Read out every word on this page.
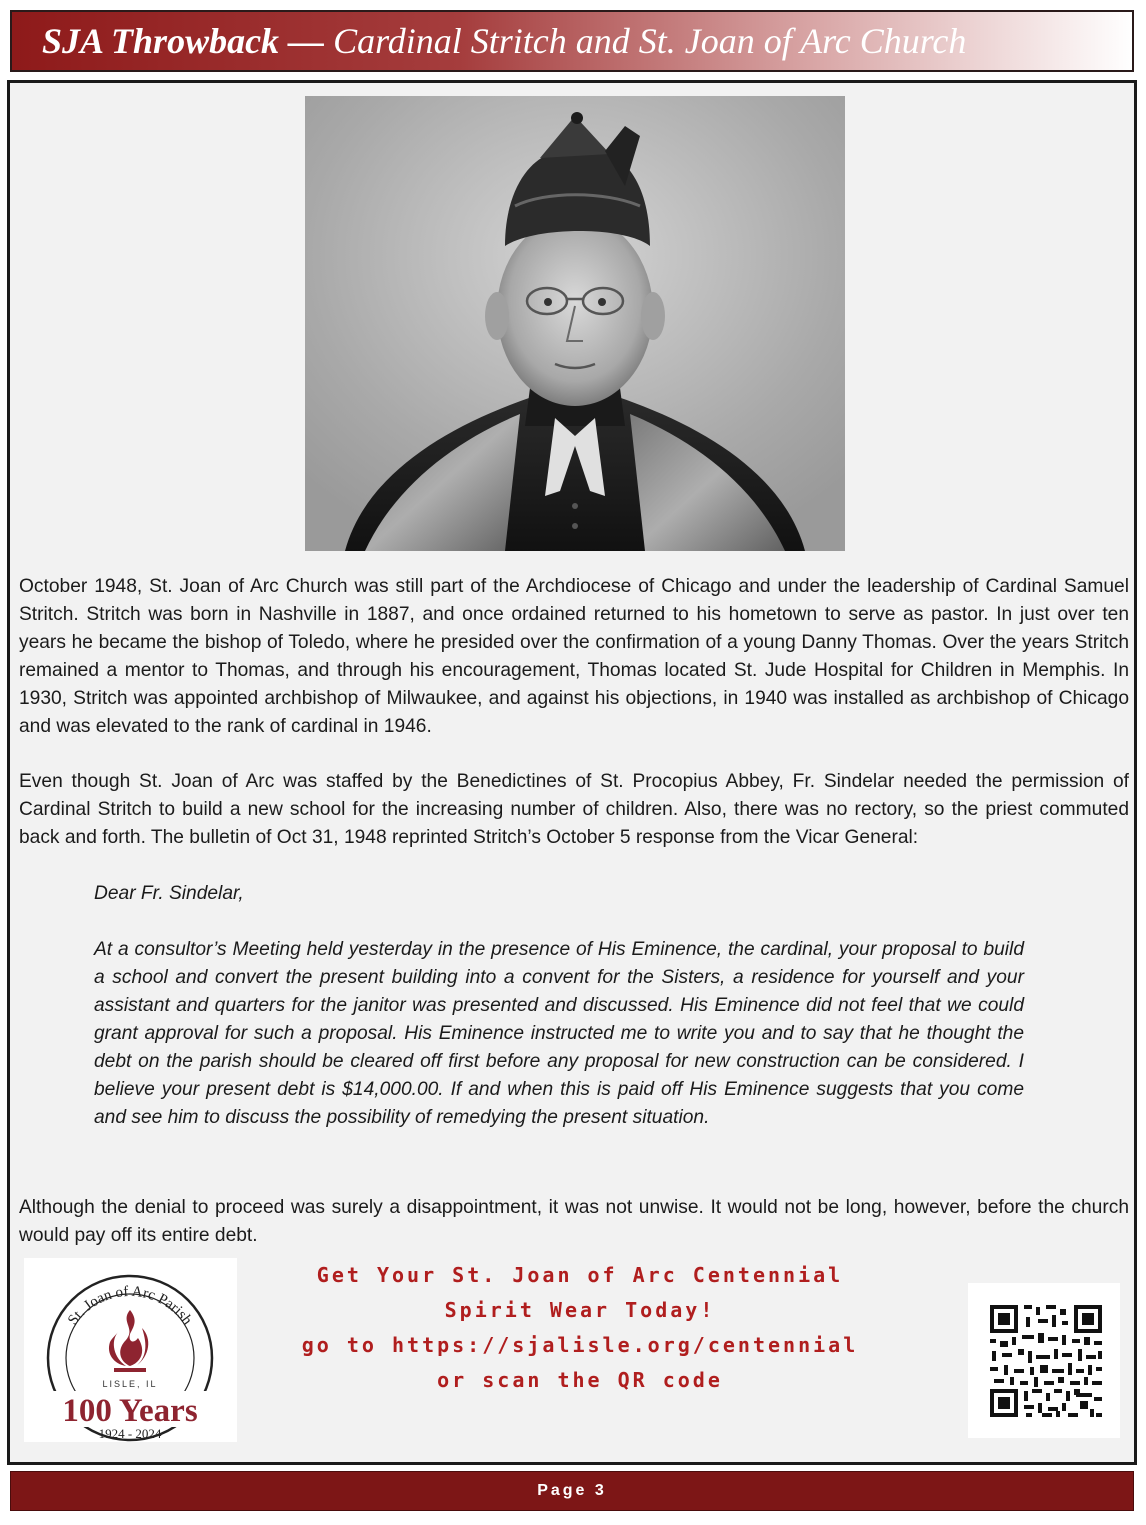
SJA Throwback — Cardinal Stritch and St. Joan of Arc Church

October 1948, St. Joan of Arc Church was still part of the Archdiocese of Chicago and under the leadership of Cardinal Samuel Stritch. Stritch was born in Nashville in 1887, and once ordained returned to his hometown to serve as pastor. In just over ten years he became the bishop of Toledo, where he presided over the confirmation of a young Danny Thomas. Over the years Stritch remained a mentor to Thomas, and through his encouragement, Thomas located St. Jude Hospital for Children in Memphis. In 1930, Stritch was appointed archbishop of Milwaukee, and against his objections, in 1940 was installed as archbishop of Chicago and was elevated to the rank of cardinal in 1946.

Even though St. Joan of Arc was staffed by the Benedictines of St. Procopius Abbey, Fr. Sindelar needed the permission of Cardinal Stritch to build a new school for the increasing number of children. Also, there was no rectory, so the priest commuted back and forth. The bulletin of Oct 31, 1948 reprinted Stritch’s October 5 response from the Vicar General:

Dear Fr. Sindelar,

At a consultor’s Meeting held yesterday in the presence of His Eminence, the cardinal, your proposal to build a school and convert the present building into a convent for the Sisters, a residence for yourself and your assistant and quarters for the janitor was presented and discussed. His Eminence did not feel that we could grant approval for such a proposal. His Eminence instructed me to write you and to say that he thought the debt on the parish should be cleared off first before any proposal for new construction can be considered. I believe your present debt is $14,000.00. If and when this is paid off His Eminence suggests that you come and see him to discuss the possibility of remedying the present situation.

Although the denial to proceed was surely a disappointment, it was not unwise. It would not be long, however, before the church would pay off its entire debt.

St. Joan of Arc Parish
LISLE, IL
100 Years
1924 - 2024
Get Your St. Joan of Arc Centennial
Spirit Wear Today!
go to https://sjalisle.org/centennial
or scan the QR code
Page 3
